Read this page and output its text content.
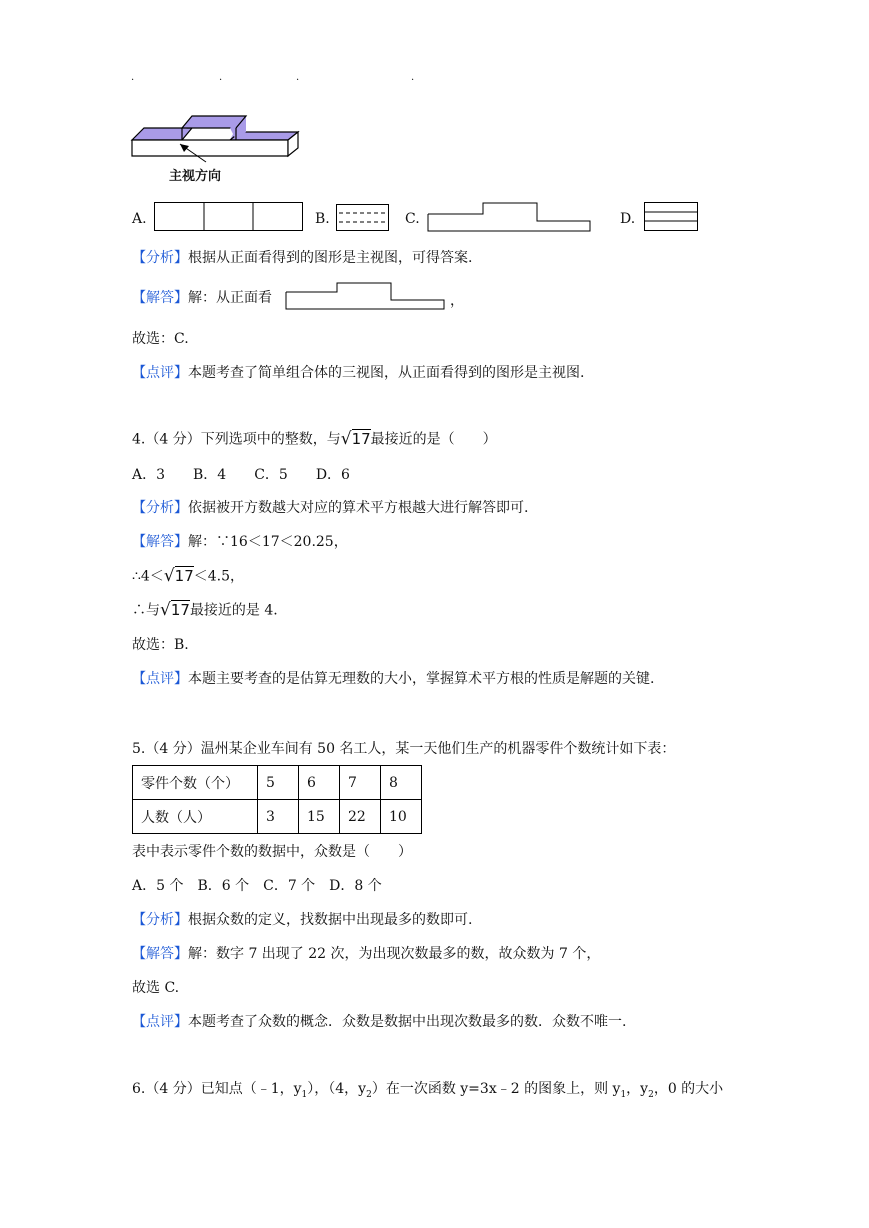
.	.	.	.
主视方向
A.	B.	C.	D.
【分析】根据从正面看得到的图形是主视图，可得答案.
【解答】解：从正面看	，
故选：C.
【点评】本题考查了简单组合体的三视图，从正面看得到的图形是主视图.
4.（4 分）下列选项中的整数，与√17最接近的是（　　）
A．3　　B．4　　C．5　　D．6
【分析】依据被开方数越大对应的算术平方根越大进行解答即可.
【解答】解：∵16＜17＜20.25，
∴4＜√17＜4.5，
∴与√17最接近的是 4.
故选：B.
【点评】本题主要考查的是估算无理数的大小，掌握算术平方根的性质是解题的关键.
5.（4 分）温州某企业车间有 50 名工人，某一天他们生产的机器零件个数统计如下表：
零件个数（个）	5	6	7	8
人数（人）	3	15	22	10
表中表示零件个数的数据中，众数是（　　）
A．5 个　B．6 个　C．7 个　D．8 个
【分析】根据众数的定义，找数据中出现最多的数即可.
【解答】解：数字 7 出现了 22 次，为出现次数最多的数，故众数为 7 个，
故选 C.
【点评】本题考查了众数的概念．众数是数据中出现次数最多的数．众数不唯一.
6.（4 分）已知点（﹣1，$y_1$），（4，$y_2$）在一次函数 y=3x﹣2 的图象上，则 $y_1$，$y_2$，0 的大小
